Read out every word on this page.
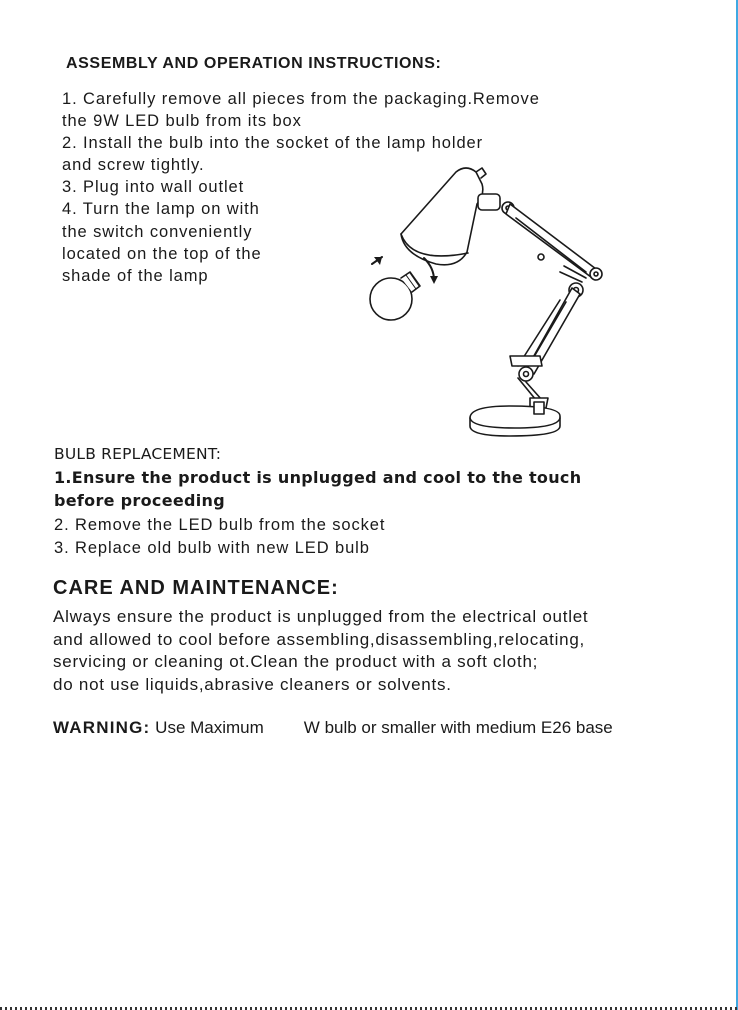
ASSEMBLY AND OPERATION INSTRUCTIONS:

1. Carefully remove all pieces from the packaging.Remove

the 9W LED bulb from its box

2. Install the bulb into the socket of the lamp holder

and screw tightly.

3. Plug into wall outlet

4. Turn the lamp on with

the switch conveniently

located on the top of the

shade of the lamp

BULB REPLACEMENT:

1.Ensure the product is unplugged and cool to the touch

before proceeding

2. Remove the LED bulb from the socket

3. Replace old bulb with new LED bulb

CARE AND MAINTENANCE:

Always ensure the product is unplugged from the electrical outlet

and allowed to cool before assembling,disassembling,relocating,

servicing or cleaning ot.Clean the product with a soft cloth;

do not use liquids,abrasive cleaners or solvents.

WARNING: Use Maximum W bulb or smaller with medium E26 base
